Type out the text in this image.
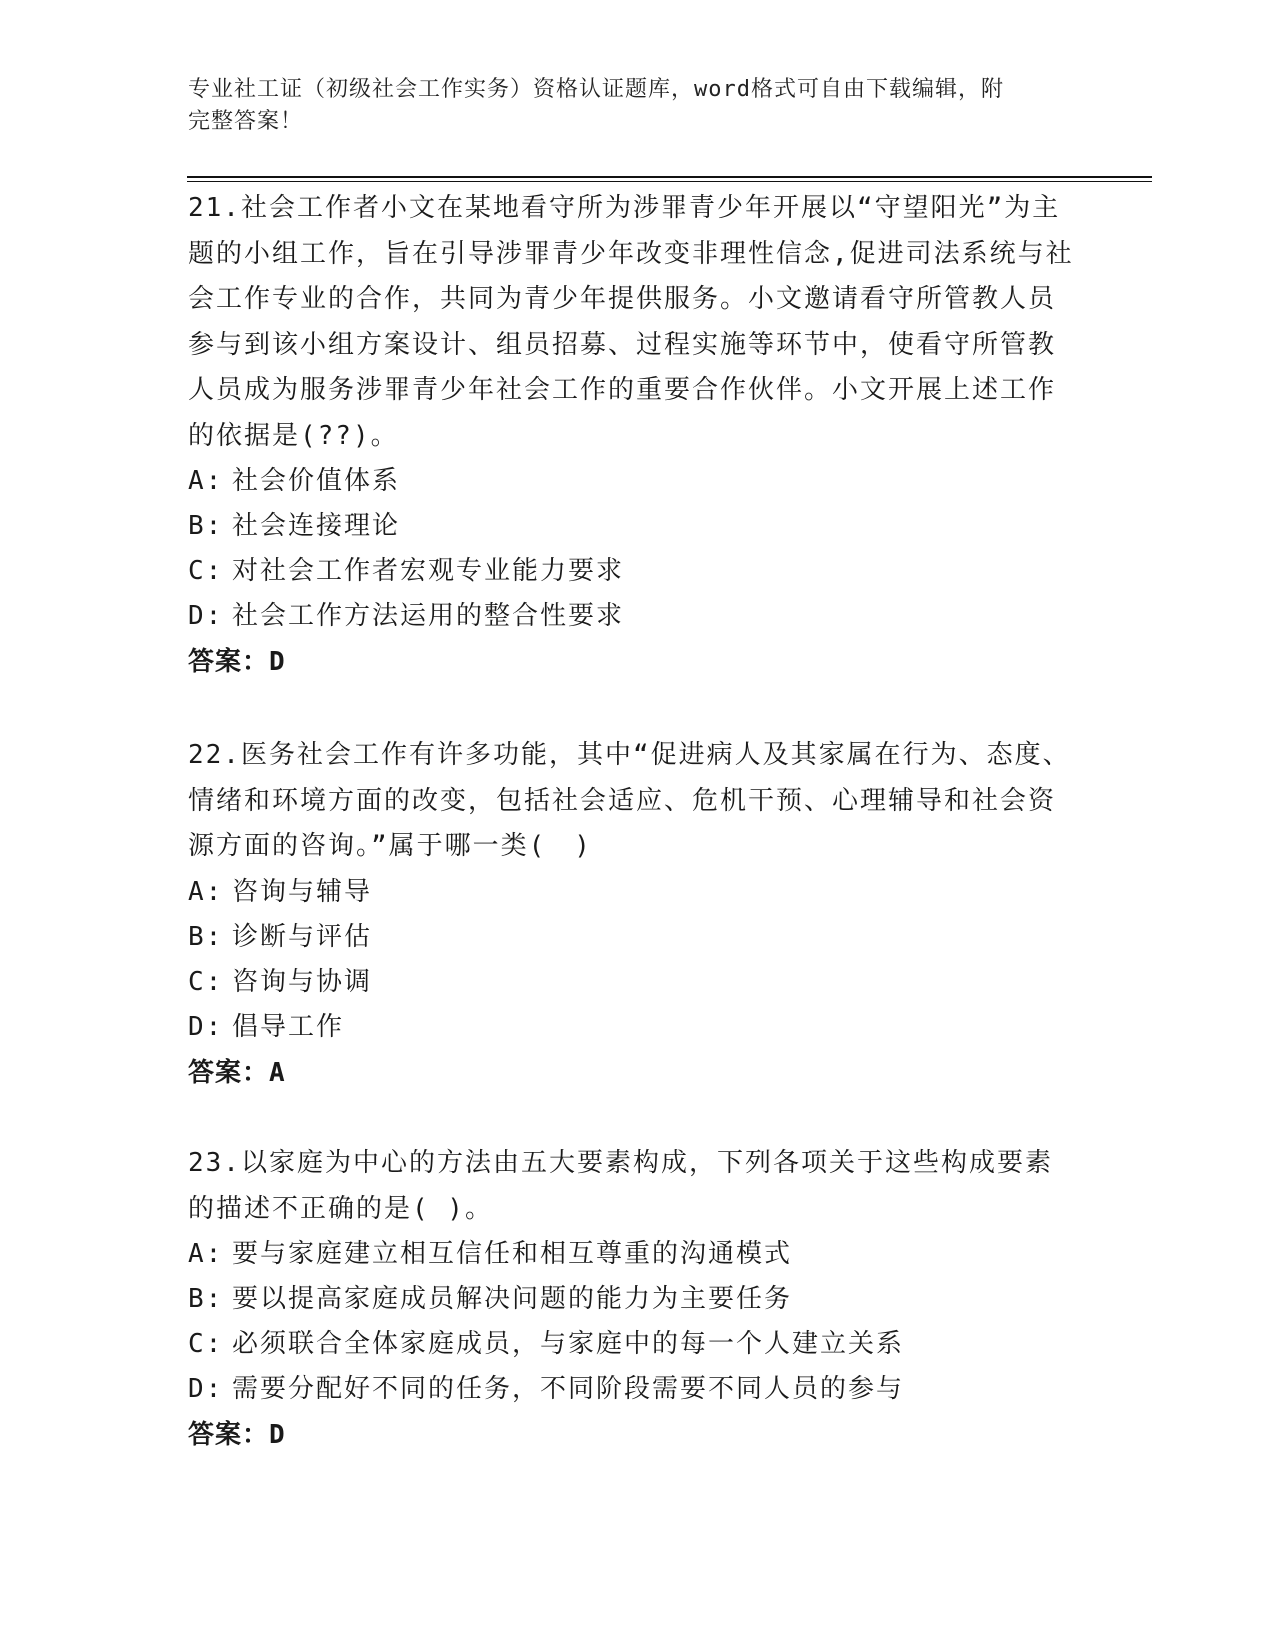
专业社工证（初级社会工作实务）资格认证题库，word格式可自由下载编辑，附
完整答案！

21.社会工作者小文在某地看守所为涉罪青少年开展以“守望阳光”为主题的小组工作，旨在引导涉罪青少年改变非理性信念,促进司法系统与社会工作专业的合作，共同为青少年提供服务。小文邀请看守所管教人员参与到该小组方案设计、组员招募、过程实施等环节中，使看守所管教人员成为服务涉罪青少年社会工作的重要合作伙伴。小文开展上述工作的依据是(??)。

A: 社会价值体系

B: 社会连接理论

C: 对社会工作者宏观专业能力要求

D: 社会工作方法运用的整合性要求

答案：D

22.医务社会工作有许多功能，其中“促进病人及其家属在行为、态度、情绪和环境方面的改变，包括社会适应、危机干预、心理辅导和社会资源方面的咨询。”属于哪一类(　)

A: 咨询与辅导

B: 诊断与评估

C: 咨询与协调

D: 倡导工作

答案：A

23.以家庭为中心的方法由五大要素构成，下列各项关于这些构成要素的描述不正确的是( )。

A: 要与家庭建立相互信任和相互尊重的沟通模式

B: 要以提高家庭成员解决问题的能力为主要任务

C: 必须联合全体家庭成员，与家庭中的每一个人建立关系

D: 需要分配好不同的任务，不同阶段需要不同人员的参与

答案：D
